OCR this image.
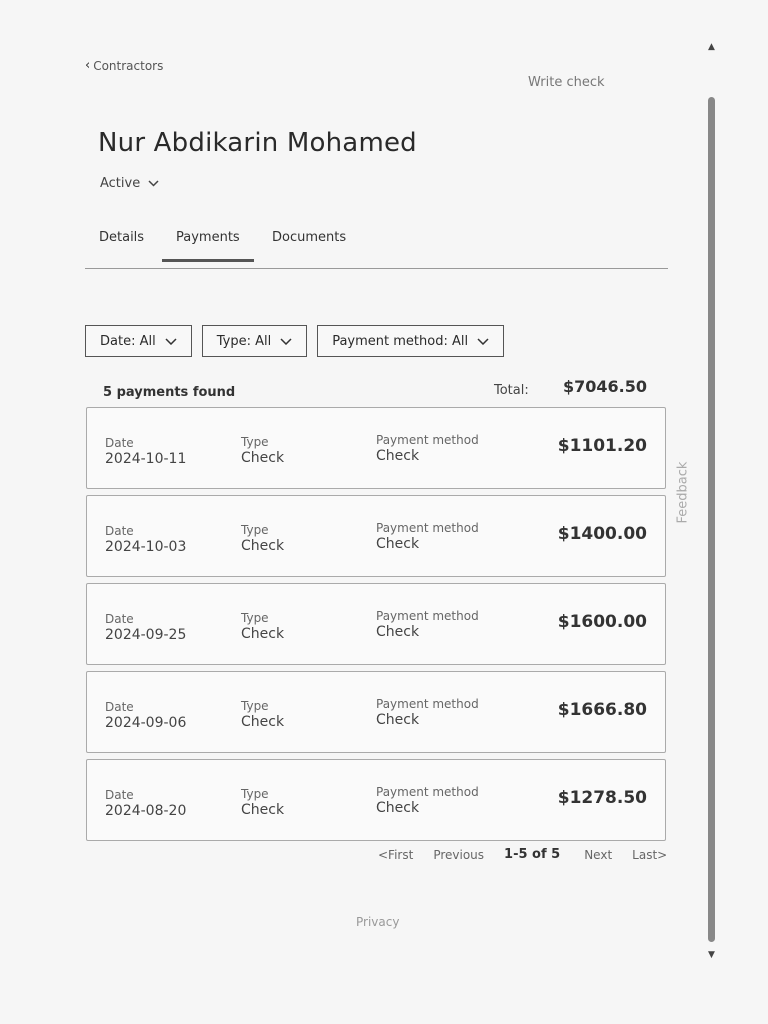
‹ Contractors
Write check
Nur Abdikarin Mohamed
Active
Details	Payments	Documents
Date: All	Type: All	Payment method: All
5 payments found	Total: $7046.50
Date
2024-10-11
Type
Check
Payment method
Check	$1101.20
Date
2024-10-03
Type
Check
Payment method
Check	$1400.00
Date
2024-09-25
Type
Check
Payment method
Check	$1600.00
Date
2024-09-06
Type
Check
Payment method
Check	$1666.80
Date
2024-08-20
Type
Check
Payment method
Check	$1278.50
<First Previous 1-5 of 5 Next Last>
Privacy
Feedback
▲
▼
